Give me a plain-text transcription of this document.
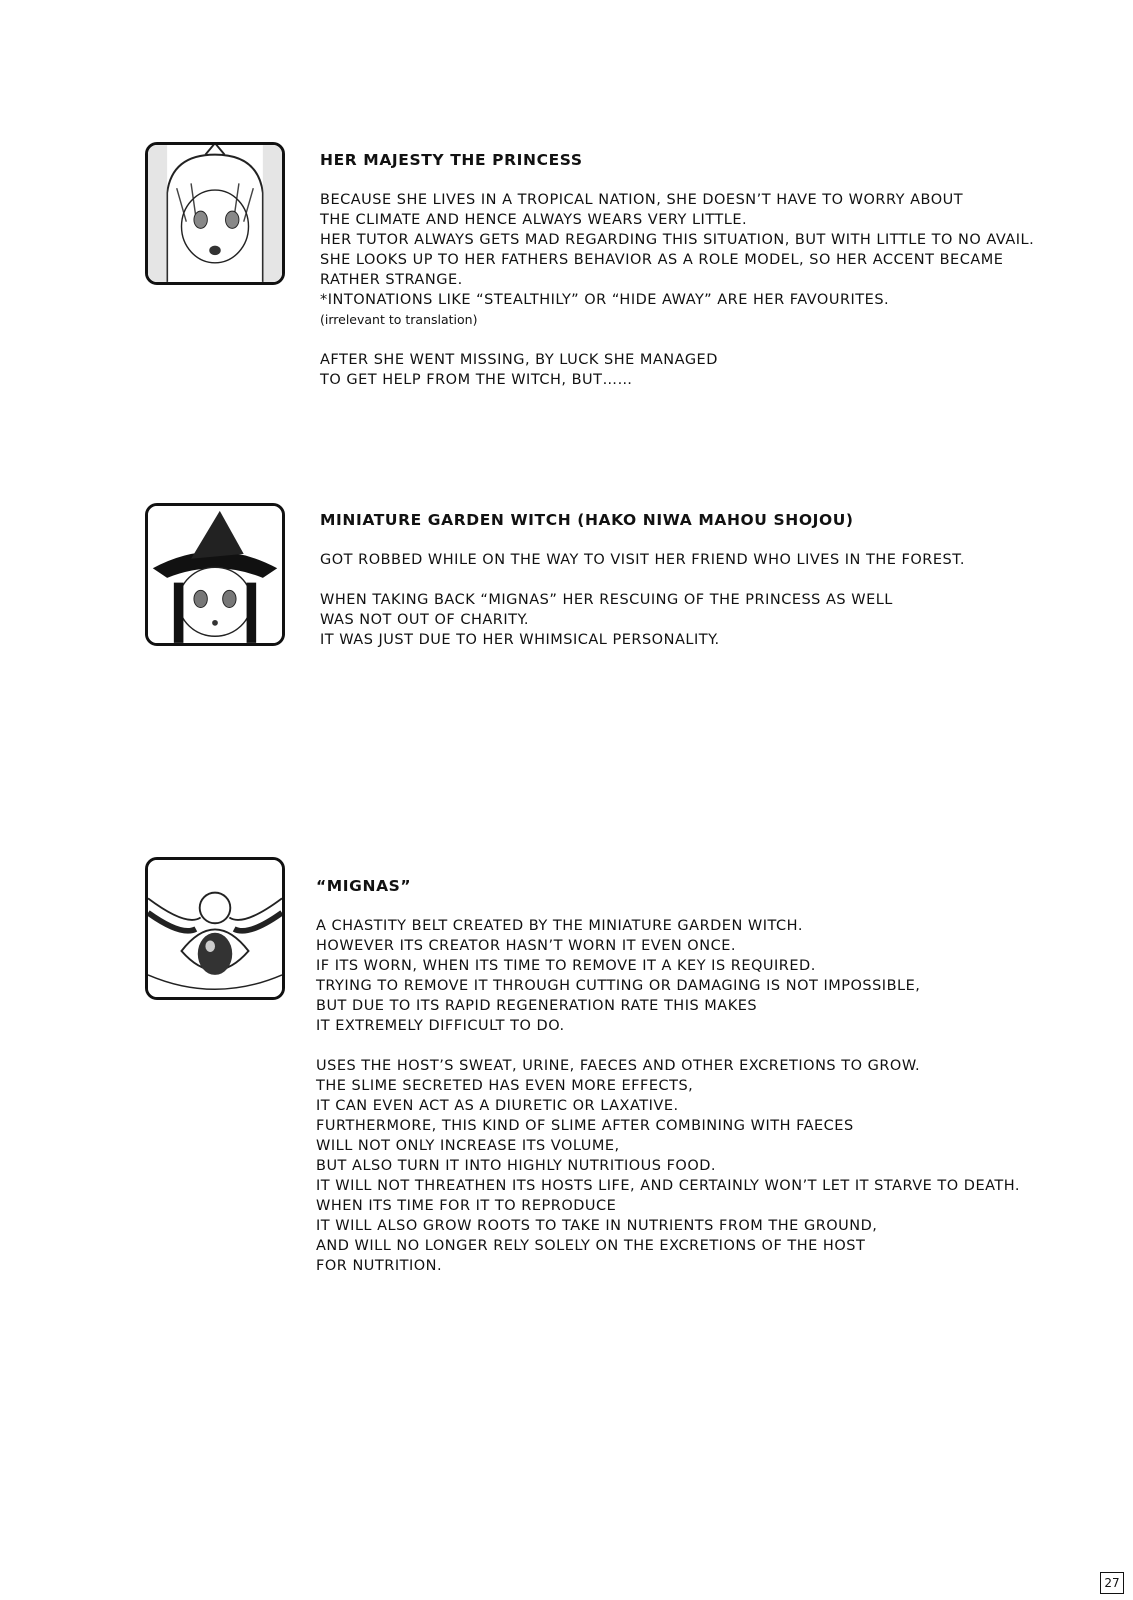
HER MAJESTY THE PRINCESS
BECAUSE SHE LIVES IN A TROPICAL NATION, SHE DOESN’T HAVE TO WORRY ABOUT
THE CLIMATE AND HENCE ALWAYS WEARS VERY LITTLE.
HER TUTOR ALWAYS GETS MAD REGARDING THIS SITUATION, BUT WITH LITTLE TO NO AVAIL.
SHE LOOKS UP TO HER FATHERS BEHAVIOR AS A ROLE MODEL, SO HER ACCENT BECAME
RATHER STRANGE.
*INTONATIONS LIKE “STEALTHILY” OR “HIDE AWAY” ARE HER FAVOURITES.
(irrelevant to translation)
AFTER SHE WENT MISSING, BY LUCK SHE MANAGED
TO GET HELP FROM THE WITCH, BUT……
MINIATURE GARDEN WITCH (HAKO NIWA MAHOU SHOJOU)
GOT ROBBED WHILE ON THE WAY TO VISIT HER FRIEND WHO LIVES IN THE FOREST.
WHEN TAKING BACK “MIGNAS” HER RESCUING OF THE PRINCESS AS WELL
WAS NOT OUT OF CHARITY.
IT WAS JUST DUE TO HER WHIMSICAL PERSONALITY.
“MIGNAS”
A CHASTITY BELT CREATED BY THE MINIATURE GARDEN WITCH.
HOWEVER ITS CREATOR HASN’T WORN IT EVEN ONCE.
IF ITS WORN, WHEN ITS TIME TO REMOVE IT A KEY IS REQUIRED.
TRYING TO REMOVE IT THROUGH CUTTING OR DAMAGING IS NOT IMPOSSIBLE,
BUT DUE TO ITS RAPID REGENERATION RATE THIS MAKES
IT EXTREMELY DIFFICULT TO DO.
USES THE HOST’S SWEAT, URINE, FAECES AND OTHER EXCRETIONS TO GROW.
THE SLIME SECRETED HAS EVEN MORE EFFECTS,
IT CAN EVEN ACT AS A DIURETIC OR LAXATIVE.
FURTHERMORE, THIS KIND OF SLIME AFTER COMBINING WITH FAECES
WILL NOT ONLY INCREASE ITS VOLUME,
BUT ALSO TURN IT INTO HIGHLY NUTRITIOUS FOOD.
IT WILL NOT THREATHEN ITS HOSTS LIFE, AND CERTAINLY WON’T LET IT STARVE TO DEATH.
WHEN ITS TIME FOR IT TO REPRODUCE
IT WILL ALSO GROW ROOTS TO TAKE IN NUTRIENTS FROM THE GROUND,
AND WILL NO LONGER RELY SOLELY ON THE EXCRETIONS OF THE HOST
FOR NUTRITION.
27
